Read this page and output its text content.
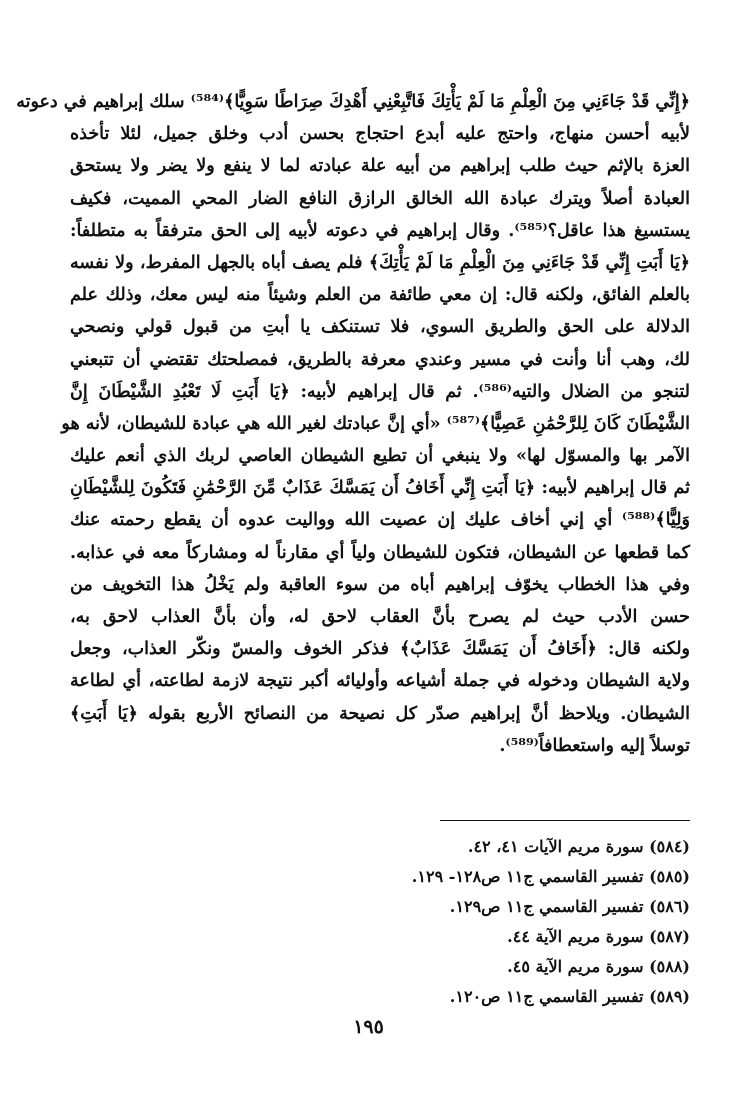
﴿إِنِّي قَدْ جَاءَنِي مِنَ الْعِلْمِ مَا لَمْ يَأْتِكَ فَاتَّبِعْنِي أَهْدِكَ صِرَاطًا سَوِيًّا﴾⁽⁵⁸⁴⁾ سلك إبراهيم في دعوته
لأبيه أحسن منهاج، واحتج عليه أبدع احتجاج بحسن أدب وخلق جميل، لئلا تأخذه
العزة بالإثم حيث طلب إبراهيم من أبيه علة عبادته لما لا ينفع ولا يضر ولا يستحق
العبادة أصلاً ويترك عبادة الله الخالق الرازق النافع الضار المحي المميت، فكيف
يستسيغ هذا عاقل؟⁽⁵⁸⁵⁾. وقال إبراهيم في دعوته لأبيه إلى الحق مترفقاً به متطلفاً:
﴿يَا أَبَتِ إِنِّي قَدْ جَاءَنِي مِنَ الْعِلْمِ مَا لَمْ يَأْتِكَ﴾ فلم يصف أباه بالجهل المفرط، ولا نفسه
بالعلم الفائق، ولكنه قال: إن معي طائفة من العلم وشيئاً منه ليس معك، وذلك علم
الدلالة على الحق والطريق السوي، فلا تستنكف يا أبتِ من قبول قولي ونصحي
لك، وهب أنا وأنت في مسير وعندي معرفة بالطريق، فمصلحتك تقتضي أن تتبعني
لتنجو من الضلال والتيه⁽⁵⁸⁶⁾. ثم قال إبراهيم لأبيه: ﴿يَا أَبَتِ لَا تَعْبُدِ الشَّيْطَانَ إِنَّ
الشَّيْطَانَ كَانَ لِلرَّحْمَٰنِ عَصِيًّا﴾⁽⁵⁸⁷⁾ «أي إنَّ عبادتك لغير الله هي عبادة للشيطان، لأنه هو
الآمر بها والمسوّل لها» ولا ينبغي أن تطيع الشيطان العاصي لربك الذي أنعم عليك
ثم قال إبراهيم لأبيه: ﴿يَا أَبَتِ إِنِّي أَخَافُ أَن يَمَسَّكَ عَذَابٌ مِّنَ الرَّحْمَٰنِ فَتَكُونَ لِلشَّيْطَانِ
وَلِيًّا﴾⁽⁵⁸⁸⁾ أي إني أخاف عليك إن عصيت الله وواليت عدوه أن يقطع رحمته عنك
كما قطعها عن الشيطان، فتكون للشيطان ولياً أي مقارناً له ومشاركاً معه في عذابه.
وفي هذا الخطاب يخوّف إبراهيم أباه من سوء العاقبة ولم يَخْلُ هذا التخويف من
حسن الأدب حيث لم يصرح بأنَّ العقاب لاحق له، وأن بأنَّ العذاب لاحق به،
ولكنه قال: ﴿أَخَافُ أَن يَمَسَّكَ عَذَابٌ﴾ فذكر الخوف والمسّ ونكّر العذاب، وجعل
ولاية الشيطان ودخوله في جملة أشياعه وأوليائه أكبر نتيجة لازمة لطاعته، أي لطاعة
الشيطان. ويلاحظ أنَّ إبراهيم صدّر كل نصيحة من النصائح الأربع بقوله ﴿يَا أَبَتِ﴾
توسلاً إليه واستعطافاً⁽⁵⁸⁹⁾.
(٥٨٤) سورة مريم الآيات ٤١، ٤٢.
(٥٨٥) تفسير القاسمي ج١١ ص١٢٨- ١٢٩.
(٥٨٦) تفسير القاسمي ج١١ ص١٢٩.
(٥٨٧) سورة مريم الآية ٤٤.
(٥٨٨) سورة مريم الآية ٤٥.
(٥٨٩) تفسير القاسمي ج١١ ص١٢٠.
١٩٥
